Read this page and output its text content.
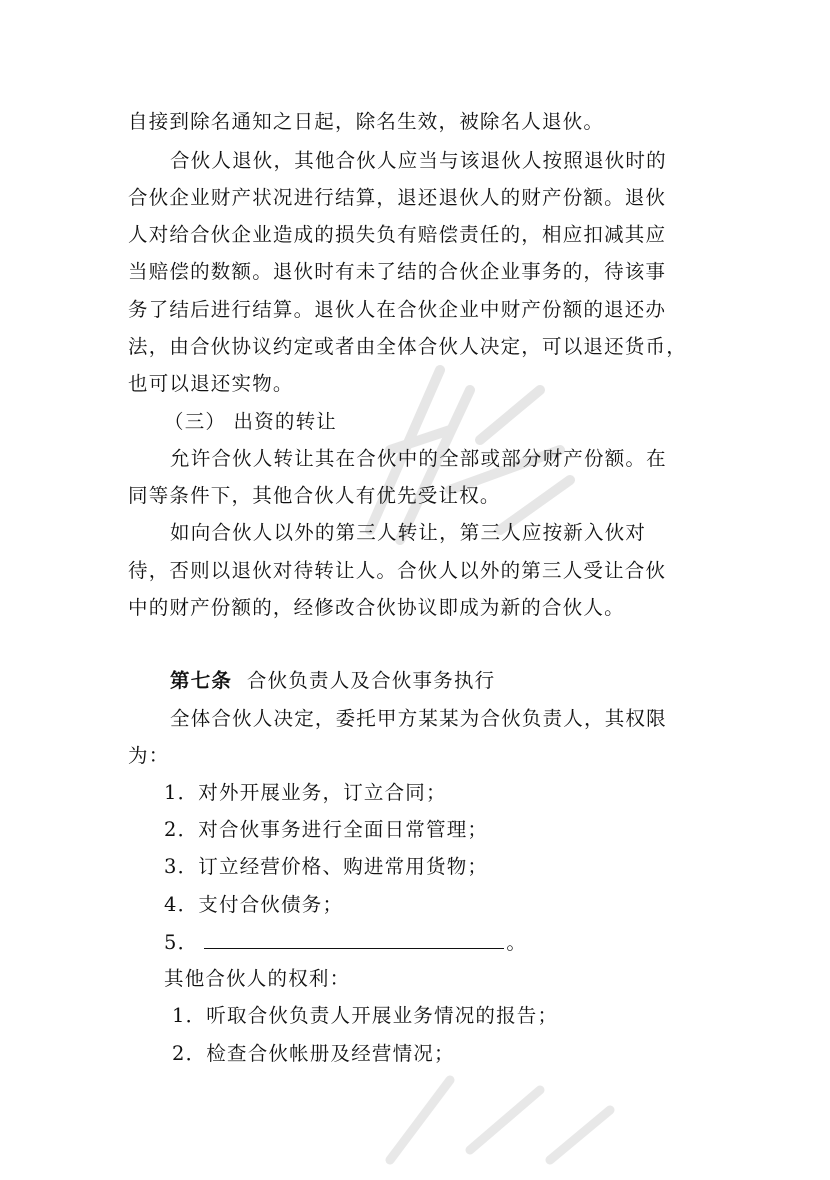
自接到除名通知之日起，除名生效，被除名人退伙。
合伙人退伙，其他合伙人应当与该退伙人按照退伙时的
合伙企业财产状况进行结算，退还退伙人的财产份额。退伙
人对给合伙企业造成的损失负有赔偿责任的，相应扣减其应
当赔偿的数额。退伙时有未了结的合伙企业事务的，待该事
务了结后进行结算。退伙人在合伙企业中财产份额的退还办
法，由合伙协议约定或者由全体合伙人决定，可以退还货币，
也可以退还实物。
（三） 出资的转让
允许合伙人转让其在合伙中的全部或部分财产份额。在
同等条件下，其他合伙人有优先受让权。
如向合伙人以外的第三人转让，第三人应按新入伙对
待，否则以退伙对待转让人。合伙人以外的第三人受让合伙
中的财产份额的，经修改合伙协议即成为新的合伙人。
第七条 合伙负责人及合伙事务执行
全体合伙人决定，委托甲方某某为合伙负责人，其权限
为：
1．对外开展业务，订立合同；
2．对合伙事务进行全面日常管理；
3．订立经营价格、购进常用货物；
4．支付合伙债务；
5．	。
其他合伙人的权利：
1．听取合伙负责人开展业务情况的报告；
2．检查合伙帐册及经营情况；
